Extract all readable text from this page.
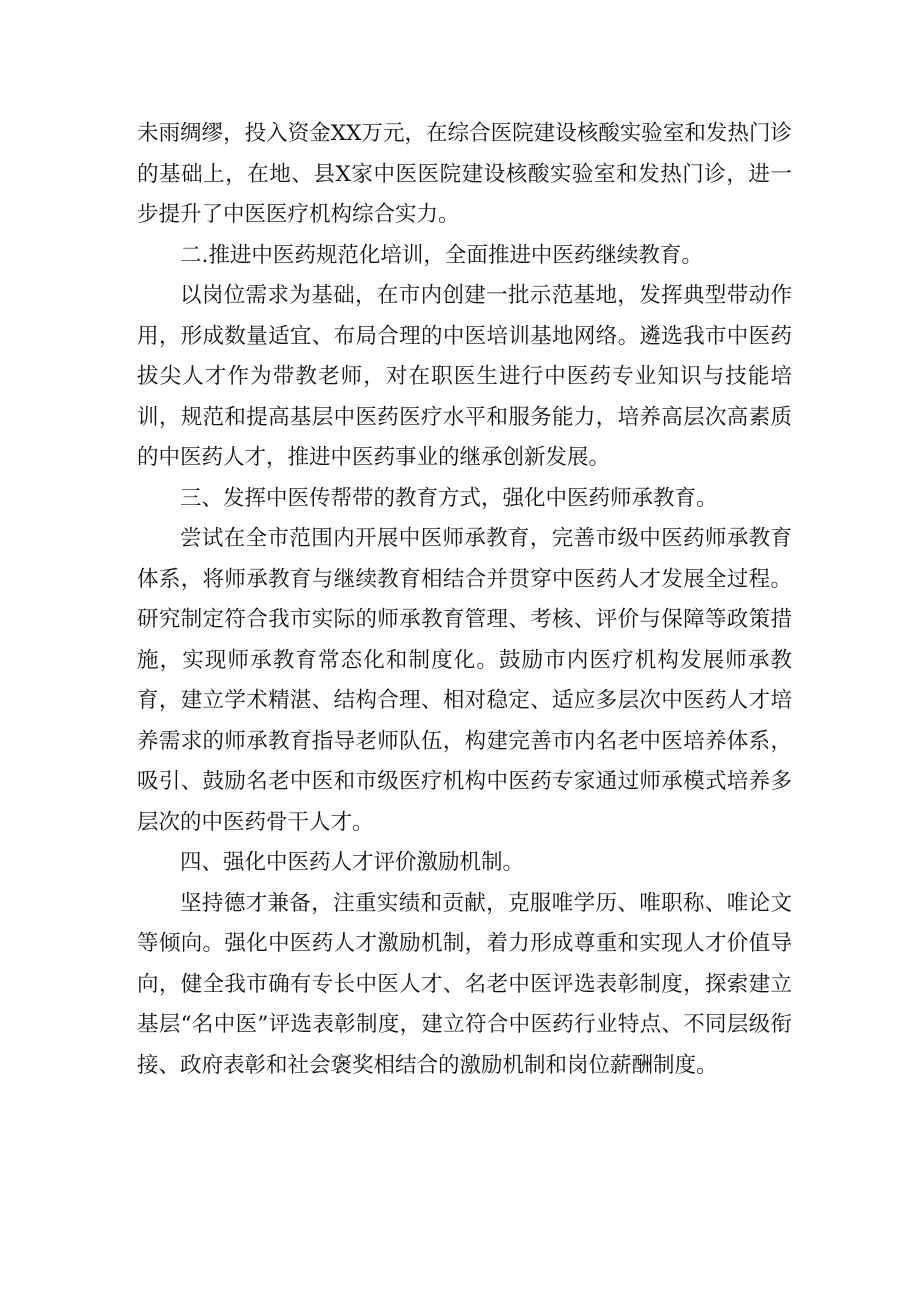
未雨绸缪，投入资金XX万元，在综合医院建设核酸实验室和发热门诊的基础上，在地、县X家中医医院建设核酸实验室和发热门诊，进一步提升了中医医疗机构综合实力。

二.推进中医药规范化培训，全面推进中医药继续教育。

以岗位需求为基础，在市内创建一批示范基地，发挥典型带动作用，形成数量适宜、布局合理的中医培训基地网络。遴选我市中医药拔尖人才作为带教老师，对在职医生进行中医药专业知识与技能培训，规范和提高基层中医药医疗水平和服务能力，培养高层次高素质的中医药人才，推进中医药事业的继承创新发展。

三、发挥中医传帮带的教育方式，强化中医药师承教育。

尝试在全市范围内开展中医师承教育，完善市级中医药师承教育体系，将师承教育与继续教育相结合并贯穿中医药人才发展全过程。研究制定符合我市实际的师承教育管理、考核、评价与保障等政策措施，实现师承教育常态化和制度化。鼓励市内医疗机构发展师承教育，建立学术精湛、结构合理、相对稳定、适应多层次中医药人才培养需求的师承教育指导老师队伍，构建完善市内名老中医培养体系，吸引、鼓励名老中医和市级医疗机构中医药专家通过师承模式培养多层次的中医药骨干人才。

四、强化中医药人才评价激励机制。

坚持德才兼备，注重实绩和贡献，克服唯学历、唯职称、唯论文等倾向。强化中医药人才激励机制，着力形成尊重和实现人才价值导向，健全我市确有专长中医人才、名老中医评选表彰制度，探索建立基层“名中医”评选表彰制度，建立符合中医药行业特点、不同层级衔接、政府表彰和社会褒奖相结合的激励机制和岗位薪酬制度。
